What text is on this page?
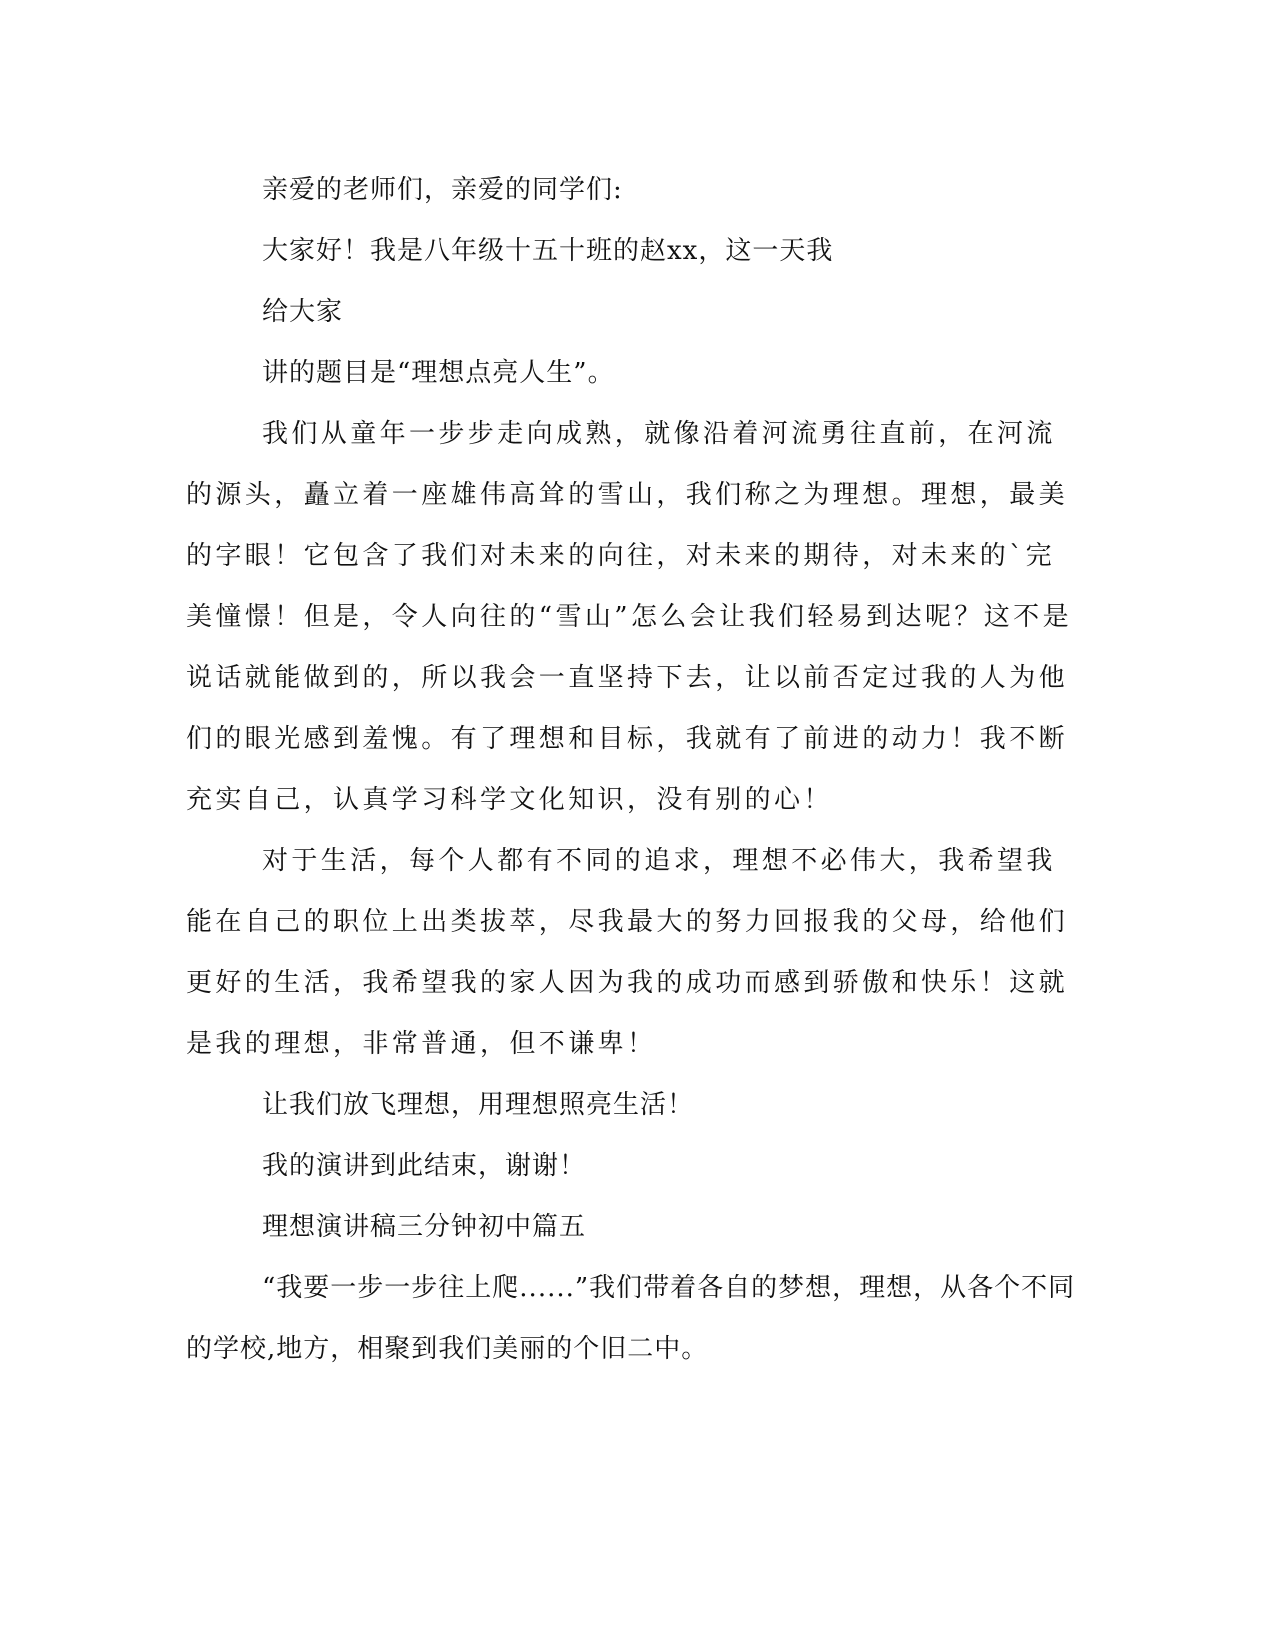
亲爱的老师们，亲爱的同学们:

大家好！我是八年级十五十班的赵xx，这一天我

给大家

讲的题目是“理想点亮人生”。

我们从童年一步步走向成熟，就像沿着河流勇往直前，在河流的源头，矗立着一座雄伟高耸的雪山，我们称之为理想。理想，最美的字眼！它包含了我们对未来的向往，对未来的期待，对未来的`完美憧憬！但是，令人向往的“雪山”怎么会让我们轻易到达呢？这不是说话就能做到的，所以我会一直坚持下去，让以前否定过我的人为他们的眼光感到羞愧。有了理想和目标，我就有了前进的动力！我不断充实自己，认真学习科学文化知识，没有别的心！

对于生活，每个人都有不同的追求，理想不必伟大，我希望我能在自己的职位上出类拔萃，尽我最大的努力回报我的父母，给他们更好的生活，我希望我的家人因为我的成功而感到骄傲和快乐！这就是我的理想，非常普通，但不谦卑！

让我们放飞理想，用理想照亮生活！

我的演讲到此结束，谢谢！

理想演讲稿三分钟初中篇五

“我要一步一步往上爬......”我们带着各自的梦想，理想，从各个不同的学校,地方，相聚到我们美丽的个旧二中。
